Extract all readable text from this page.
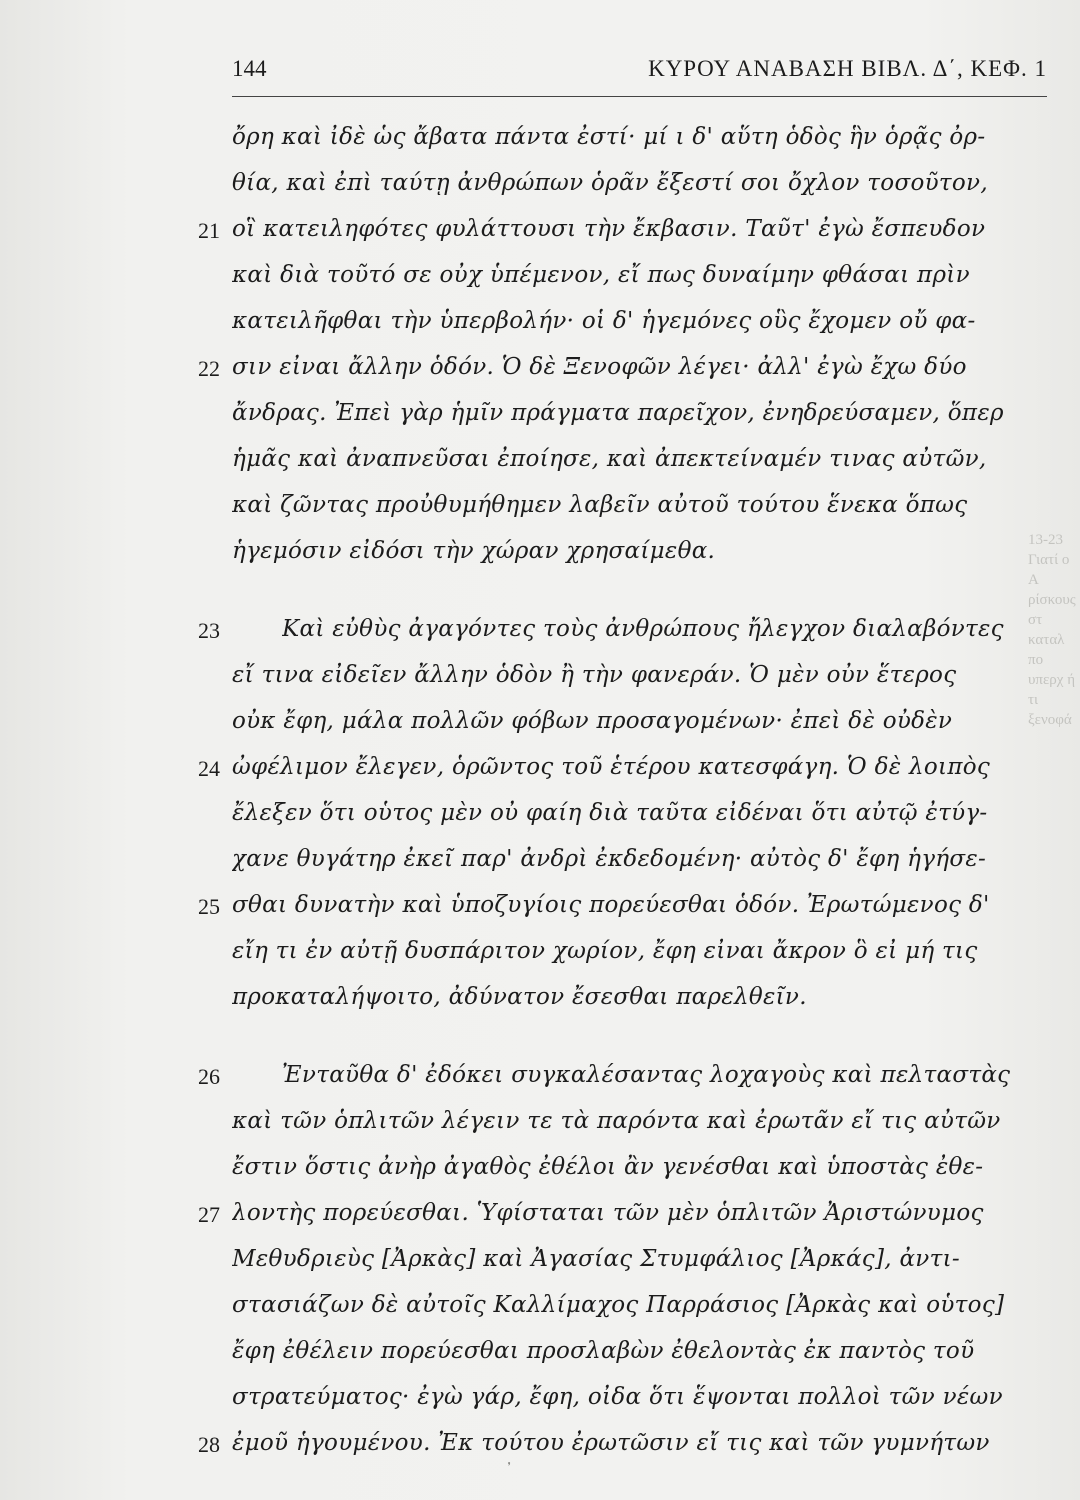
144	ΚΥΡΟΥ ΑΝΑΒΑΣΗ ΒΙΒΛ. Δ΄, ΚΕΦ. 1
ὄρη καὶ ἰδὲ ὡς ἄβατα πάντα ἐστί· μί ι δ' αὕτη ὁδὸς ἣν ὁρᾷς ὀρ-
θία, καὶ ἐπὶ ταύτῃ ἀνθρώπων ὁρᾶν ἔξεστί σοι ὄχλον τοσοῦτον,
οἳ κατειληφότες φυλάττουσι τὴν ἔκβασιν. Ταῦτ' ἐγὼ ἔσπευδον
καὶ διὰ τοῦτό σε οὐχ ὑπέμενον, εἴ πως δυναίμην φθάσαι πρὶν
κατειλῆφθαι τὴν ὑπερβολήν· οἱ δ' ἡγεμόνες οὓς ἔχομεν οὔ φα-
σιν εἶναι ἄλλην ὁδόν. Ὁ δὲ Ξενοφῶν λέγει· ἀλλ' ἐγὼ ἔχω δύο
ἄνδρας. Ἐπεὶ γὰρ ἡμῖν πράγματα παρεῖχον, ἐνηδρεύσαμεν, ὅπερ
ἡμᾶς καὶ ἀναπνεῦσαι ἐποίησε, καὶ ἀπεκτείναμέν τινας αὐτῶν,
καὶ ζῶντας προὐθυμήθημεν λαβεῖν αὐτοῦ τούτου ἕνεκα ὅπως
ἡγεμόσιν εἰδόσι τὴν χώραν χρησαίμεθα.
Καὶ εὐθὺς ἀγαγόντες τοὺς ἀνθρώπους ἤλεγχον διαλαβόντες
εἴ τινα εἰδεῖεν ἄλλην ὁδὸν ἢ τὴν φανεράν. Ὁ μὲν οὖν ἕτερος
οὐκ ἔφη, μάλα πολλῶν φόβων προσαγομένων· ἐπεὶ δὲ οὐδὲν
ὠφέλιμον ἔλεγεν, ὁρῶντος τοῦ ἑτέρου κατεσφάγη. Ὁ δὲ λοιπὸς
ἔλεξεν ὅτι οὗτος μὲν οὐ φαίη διὰ ταῦτα εἰδέναι ὅτι αὐτῷ ἐτύγ-
χανε θυγάτηρ ἐκεῖ παρ' ἀνδρὶ ἐκδεδομένη· αὐτὸς δ' ἔφη ἡγήσε-
σθαι δυνατὴν καὶ ὑποζυγίοις πορεύεσθαι ὁδόν. Ἐρωτώμενος δ'
εἴη τι ἐν αὐτῇ δυσπάριτον χωρίον, ἔφη εἶναι ἄκρον ὃ εἰ μή τις
προκαταλήψοιτο, ἀδύνατον ἔσεσθαι παρελθεῖν.
Ἐνταῦθα δ' ἐδόκει συγκαλέσαντας λοχαγοὺς καὶ πελταστὰς
καὶ τῶν ὁπλιτῶν λέγειν τε τὰ παρόντα καὶ ἐρωτᾶν εἴ τις αὐτῶν
ἔστιν ὅστις ἀνὴρ ἀγαθὸς ἐθέλοι ἂν γενέσθαι καὶ ὑποστὰς ἐθε-
λοντὴς πορεύεσθαι. Ὑφίσταται τῶν μὲν ὁπλιτῶν Ἀριστώνυμος
Μεθυδριεὺς [Ἀρκὰς] καὶ Ἀγασίας Στυμφάλιος [Ἀρκάς], ἀντι-
στασιάζων δὲ αὐτοῖς Καλλίμαχος Παρράσιος [Ἀρκὰς καὶ οὗτος]
ἔφη ἐθέλειν πορεύεσθαι προσλαβὼν ἐθελοντὰς ἐκ παντὸς τοῦ
στρατεύματος· ἐγὼ γάρ, ἔφη, οἶδα ὅτι ἕψονται πολλοὶ τῶν νέων
ἐμοῦ ἡγουμένου. Ἐκ τούτου ἐρωτῶσιν εἴ τις καὶ τῶν γυμνήτων
21
22
23
24
25
26
27
28
13-23
Γιατί ο Α
ρίσκους στ
καταλ πο
υπερχ ή τι
ξενοφά
᾿
